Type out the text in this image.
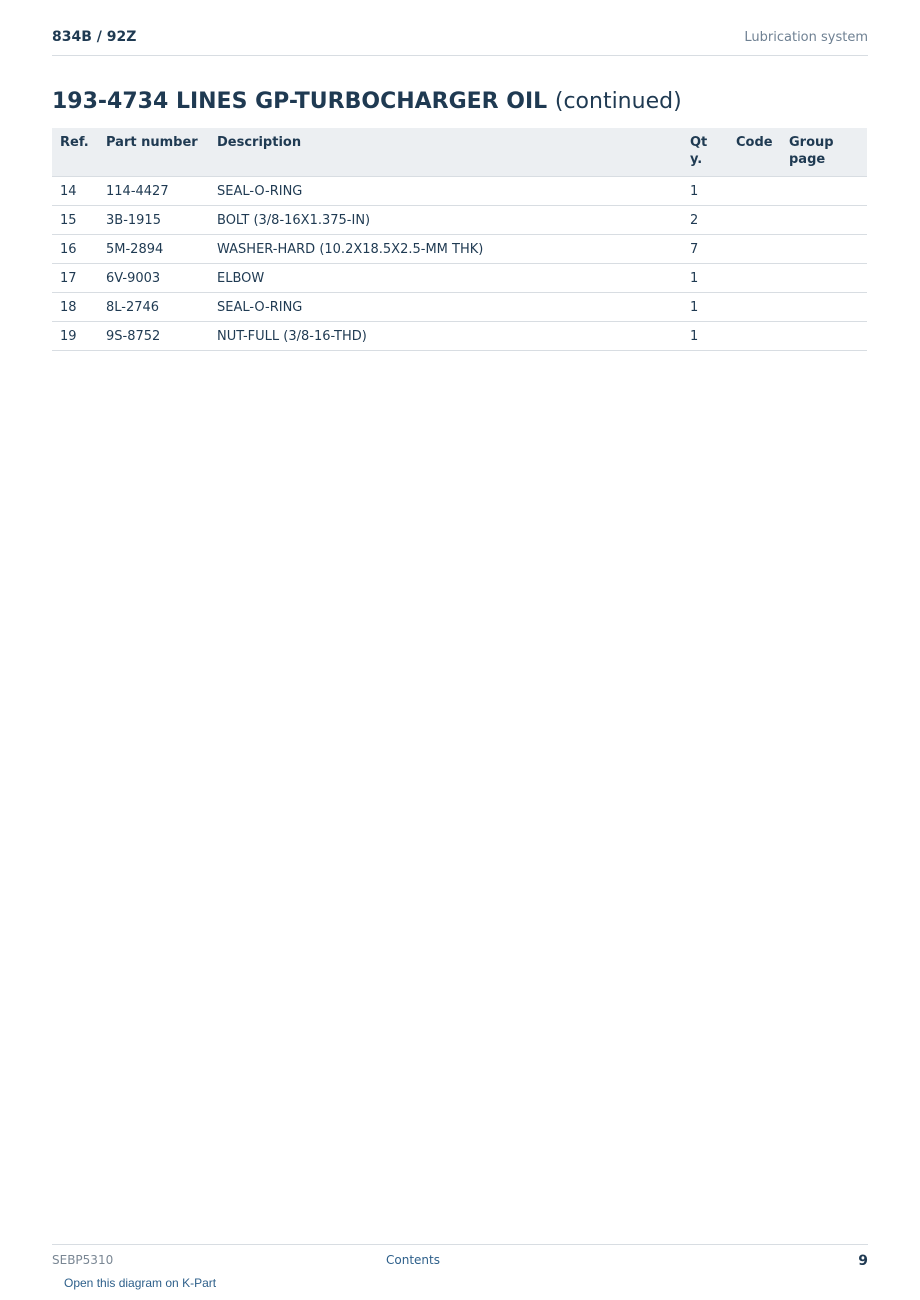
834B / 92Z	Lubrication system
193-4734 LINES GP-TURBOCHARGER OIL (continued)
Ref.	Part number	Description	Qty.	Code	Group page
14	114-4427	SEAL-O-RING	1		
15	3B-1915	BOLT (3/8-16X1.375-IN)	2		
16	5M-2894	WASHER-HARD (10.2X18.5X2.5-MM THK)	7		
17	6V-9003	ELBOW	1		
18	8L-2746	SEAL-O-RING	1		
19	9S-8752	NUT-FULL (3/8-16-THD)	1		
SEBP5310	Contents	9
Open this diagram on K-Part
